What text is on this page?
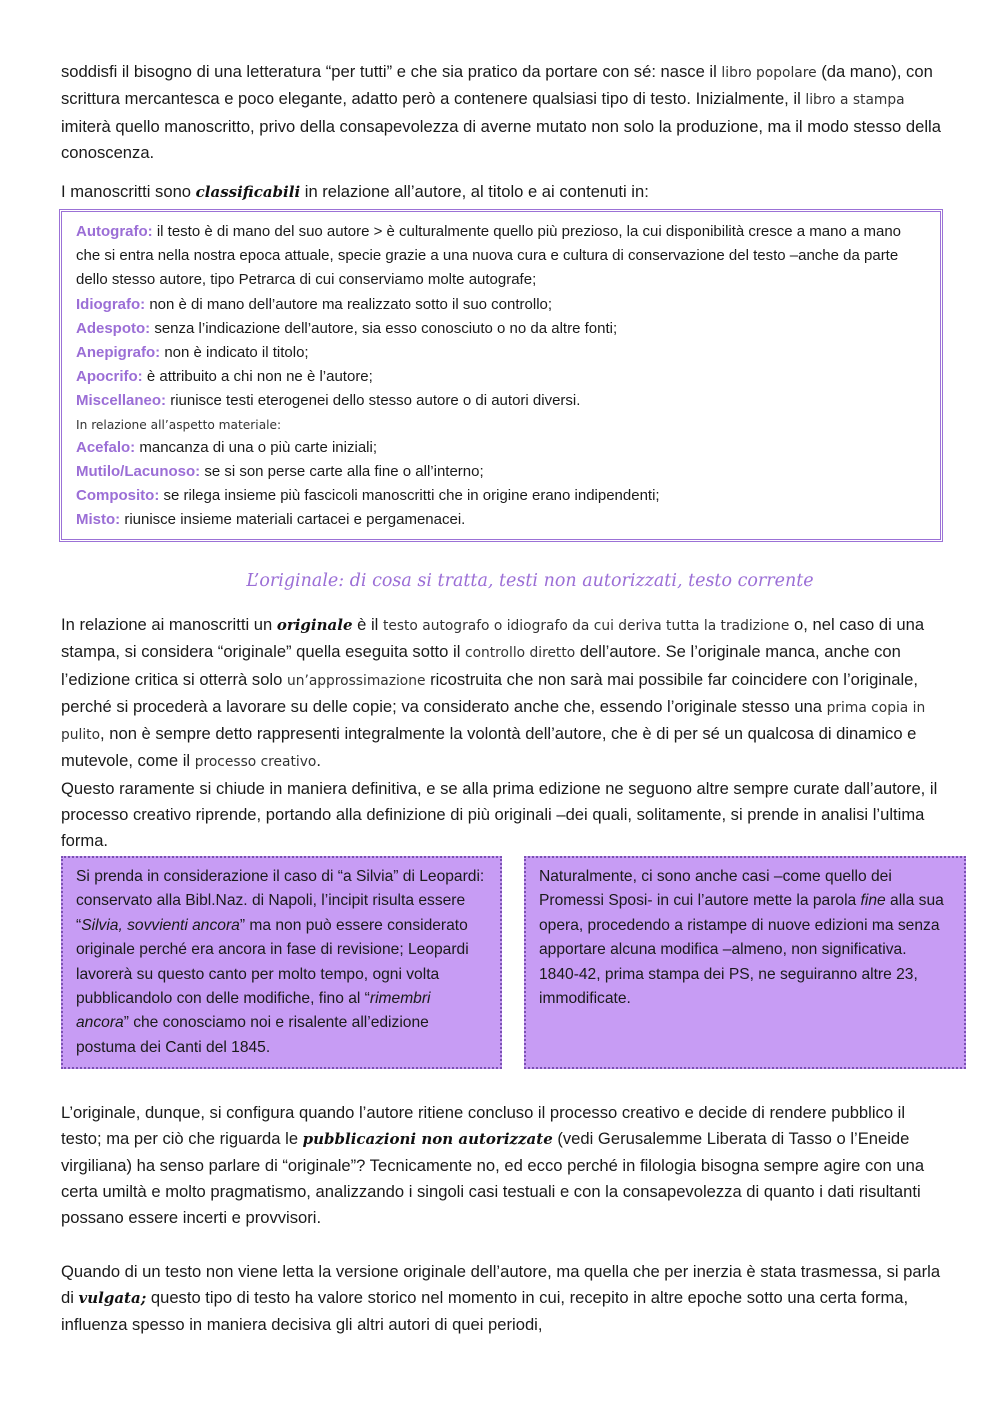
soddisfi il bisogno di una letteratura “per tutti” e che sia pratico da portare con sé: nasce il libro popolare (da mano), con scrittura mercantesca e poco elegante, adatto però a contenere qualsiasi tipo di testo. Inizialmente, il libro a stampa imiterà quello manoscritto, privo della consapevolezza di averne mutato non solo la produzione, ma il modo stesso della conoscenza.

I manoscritti sono classificabili in relazione all’autore, al titolo e ai contenuti in:

Autografo: il testo è di mano del suo autore > è culturalmente quello più prezioso, la cui disponibilità cresce a mano a mano che si entra nella nostra epoca attuale, specie grazie a una nuova cura e cultura di conservazione del testo –anche da parte dello stesso autore, tipo Petrarca di cui conserviamo molte autografe;
Idiografo: non è di mano dell’autore ma realizzato sotto il suo controllo;
Adespoto: senza l’indicazione dell’autore, sia esso conosciuto o no da altre fonti;
Anepigrafo: non è indicato il titolo;
Apocrifo: è attribuito a chi non ne è l’autore;
Miscellaneo: riunisce testi eterogenei dello stesso autore o di autori diversi.
In relazione all’aspetto materiale:
Acefalo: mancanza di una o più carte iniziali;
Mutilo/Lacunoso: se si son perse carte alla fine o all’interno;
Composito: se rilega insieme più fascicoli manoscritti che in origine erano indipendenti;
Misto: riunisce insieme materiali cartacei e pergamenacei.
L’originale: di cosa si tratta, testi non autorizzati, testo corrente

In relazione ai manoscritti un originale è il testo autografo o idiografo da cui deriva tutta la tradizione o, nel caso di una stampa, si considera “originale” quella eseguita sotto il controllo diretto dell’autore. Se l’originale manca, anche con l’edizione critica si otterrà solo un’approssimazione ricostruita che non sarà mai possibile far coincidere con l’originale, perché si procederà a lavorare su delle copie; va considerato anche che, essendo l’originale stesso una prima copia in pulito, non è sempre detto rappresenti integralmente la volontà dell’autore, che è di per sé un qualcosa di dinamico e mutevole, come il processo creativo.

Questo raramente si chiude in maniera definitiva, e se alla prima edizione ne seguono altre sempre curate dall’autore, il processo creativo riprende, portando alla definizione di più originali –dei quali, solitamente, si prende in analisi l’ultima forma.

Si prenda in considerazione il caso di “a Silvia” di Leopardi: conservato alla Bibl.Naz. di Napoli, l’incipit risulta essere “Silvia, sovvienti ancora” ma non può essere considerato originale perché era ancora in fase di revisione; Leopardi lavorerà su questo canto per molto tempo, ogni volta pubblicandolo con delle modifiche, fino al “rimembri ancora” che conosciamo noi e risalente all’edizione postuma dei Canti del 1845.
Naturalmente, ci sono anche casi –come quello dei Promessi Sposi- in cui l’autore mette la parola fine alla sua opera, procedendo a ristampe di nuove edizioni ma senza apportare alcuna modifica –almeno, non significativa.
1840-42, prima stampa dei PS, ne seguiranno altre 23, immodificate.

L’originale, dunque, si configura quando l’autore ritiene concluso il processo creativo e decide di rendere pubblico il testo; ma per ciò che riguarda le pubblicazioni non autorizzate (vedi Gerusalemme Liberata di Tasso o l’Eneide virgiliana) ha senso parlare di “originale”? Tecnicamente no, ed ecco perché in filologia bisogna sempre agire con una certa umiltà e molto pragmatismo, analizzando i singoli casi testuali e con la consapevolezza di quanto i dati risultanti possano essere incerti e provvisori.

Quando di un testo non viene letta la versione originale dell’autore, ma quella che per inerzia è stata trasmessa, si parla di vulgata; questo tipo di testo ha valore storico nel momento in cui, recepito in altre epoche sotto una certa forma, influenza spesso in maniera decisiva gli altri autori di quei periodi,
